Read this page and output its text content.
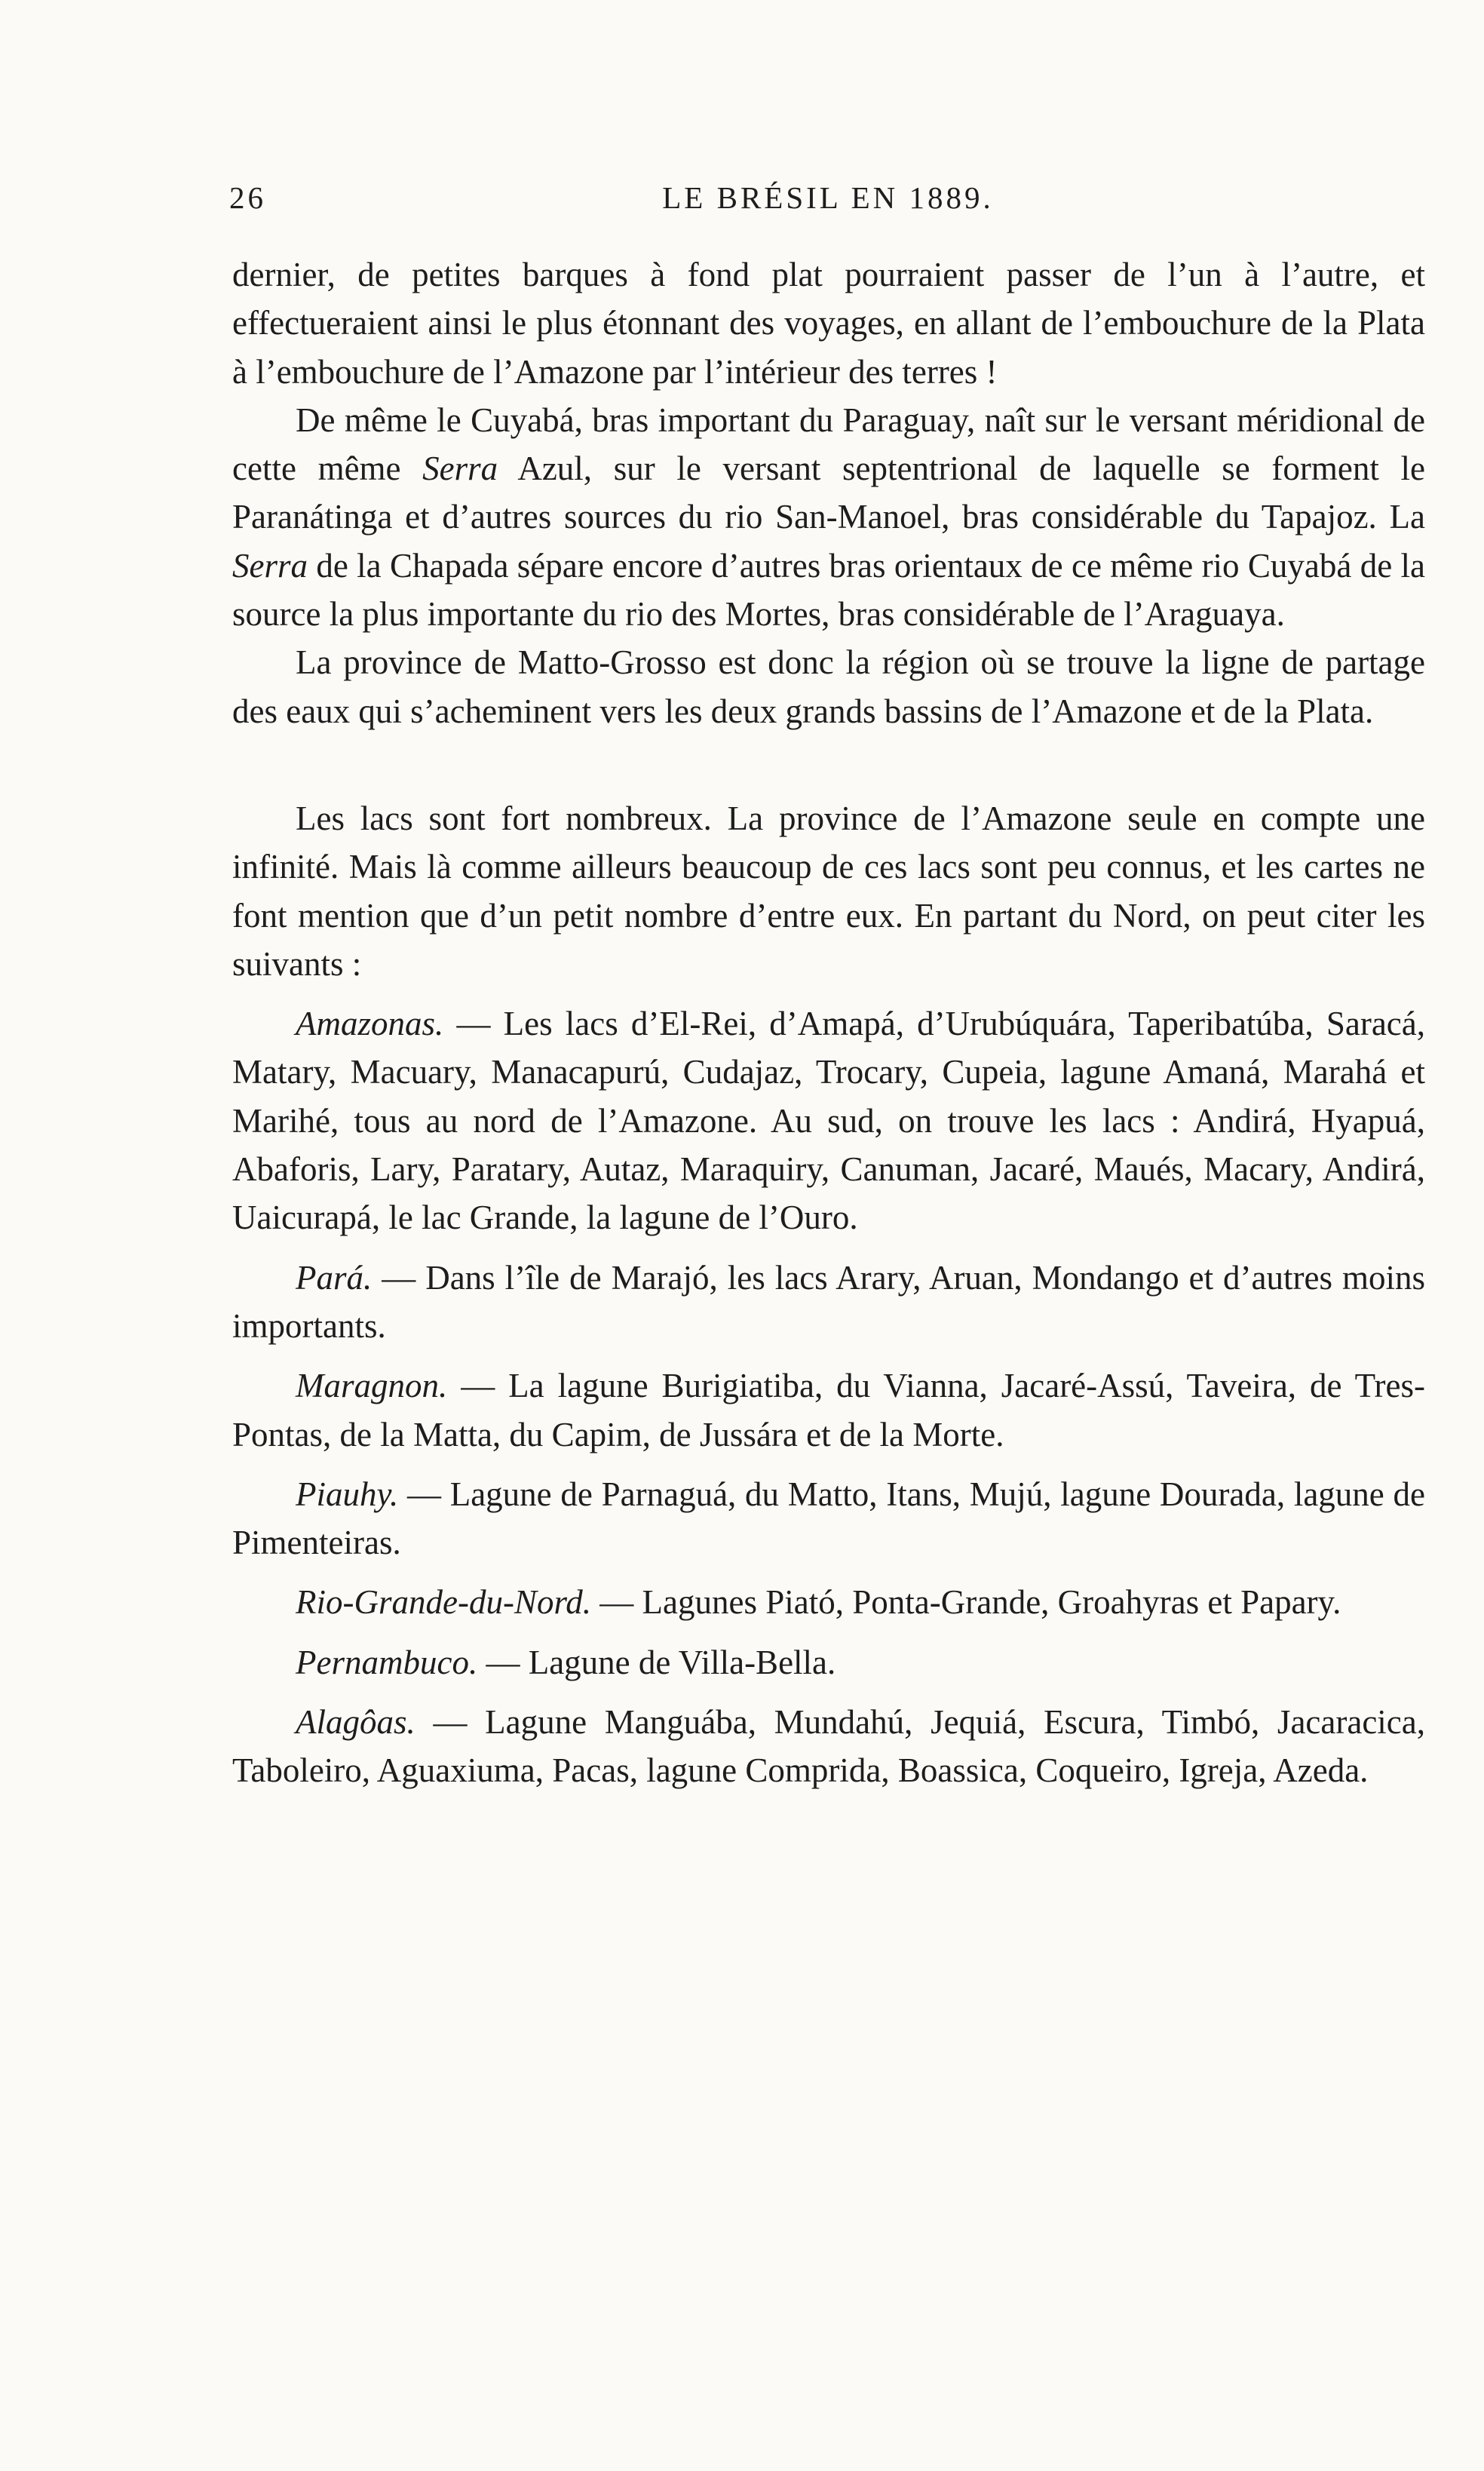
26	LE BRÉSIL EN 1889.

dernier, de petites barques à fond plat pourraient passer de l’un à l’autre, et effectueraient ainsi le plus étonnant des voyages, en allant de l’embouchure de la Plata à l’embouchure de l’Amazone par l’intérieur des terres !

De même le Cuyabá, bras important du Paraguay, naît sur le versant méridional de cette même Serra Azul, sur le versant septentrional de laquelle se forment le Paranátinga et d’autres sources du rio San-Manoel, bras considérable du Tapajoz. La Serra de la Chapada sépare encore d’autres bras orientaux de ce même rio Cuyabá de la source la plus importante du rio des Mortes, bras considérable de l’Araguaya.

La province de Matto-Grosso est donc la région où se trouve la ligne de partage des eaux qui s’acheminent vers les deux grands bassins de l’Amazone et de la Plata.

Les lacs sont fort nombreux. La province de l’Amazone seule en compte une infinité. Mais là comme ailleurs beaucoup de ces lacs sont peu connus, et les cartes ne font mention que d’un petit nombre d’entre eux. En partant du Nord, on peut citer les suivants :

Amazonas. — Les lacs d’El-Rei, d’Amapá, d’Urubúquára, Taperibatúba, Saracá, Matary, Macuary, Manacapurú, Cudajaz, Trocary, Cupeia, lagune Amaná, Marahá et Marihé, tous au nord de l’Amazone. Au sud, on trouve les lacs : Andirá, Hyapuá, Abaforis, Lary, Paratary, Autaz, Maraquiry, Canuman, Jacaré, Maués, Macary, Andirá, Uaicurapá, le lac Grande, la lagune de l’Ouro.

Pará. — Dans l’île de Marajó, les lacs Arary, Aruan, Mondango et d’autres moins importants.

Maragnon. — La lagune Burigiatiba, du Vianna, Jacaré-Assú, Taveira, de Tres-Pontas, de la Matta, du Capim, de Jussára et de la Morte.

Piauhy. — Lagune de Parnaguá, du Matto, Itans, Mujú, lagune Dourada, lagune de Pimenteiras.

Rio-Grande-du-Nord. — Lagunes Piató, Ponta-Grande, Groahyras et Papary.

Pernambuco. — Lagune de Villa-Bella.

Alagôas. — Lagune Manguába, Mundahú, Jequiá, Escura, Timbó, Jacaracica, Taboleiro, Aguaxiuma, Pacas, lagune Comprida, Boassica, Coqueiro, Igreja, Azeda.
